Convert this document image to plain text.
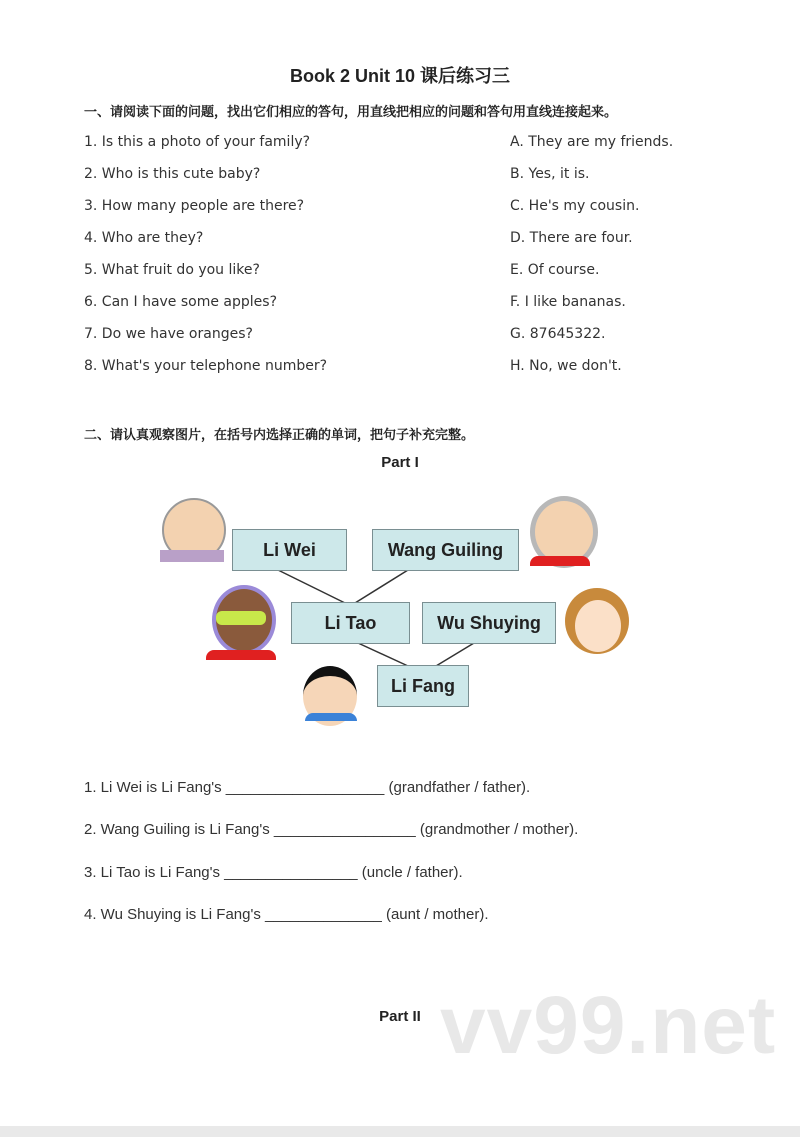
Book 2 Unit 10 课后练习三
一、请阅读下面的问题，找出它们相应的答句，用直线把相应的问题和答句用直线连接起来。
1. Is this a photo of your family?
2. Who is this cute baby?
3. How many people are there?
4. Who are they?
5. What fruit do you like?
6. Can I have some apples?
7. Do we have oranges?
8. What's your telephone number?
A. They are my friends.
B. Yes, it is.
C. He's my cousin.
D. There are four.
E. Of course.
F. I like bananas.
G. 87645322.
H. No, we don't.
二、请认真观察图片，在括号内选择正确的单词，把句子补充完整。
Part I
Li Wei	Wang Guiling
Li Tao	Wu Shuying
Li Fang
1. Li Wei is Li Fang's ___________________ (grandfather / father).
2. Wang Guiling is Li Fang's _________________ (grandmother / mother).
3. Li Tao is Li Fang's ________________ (uncle / father).
4. Wu Shuying is Li Fang's ______________ (aunt / mother).
vv99.net
Part II
